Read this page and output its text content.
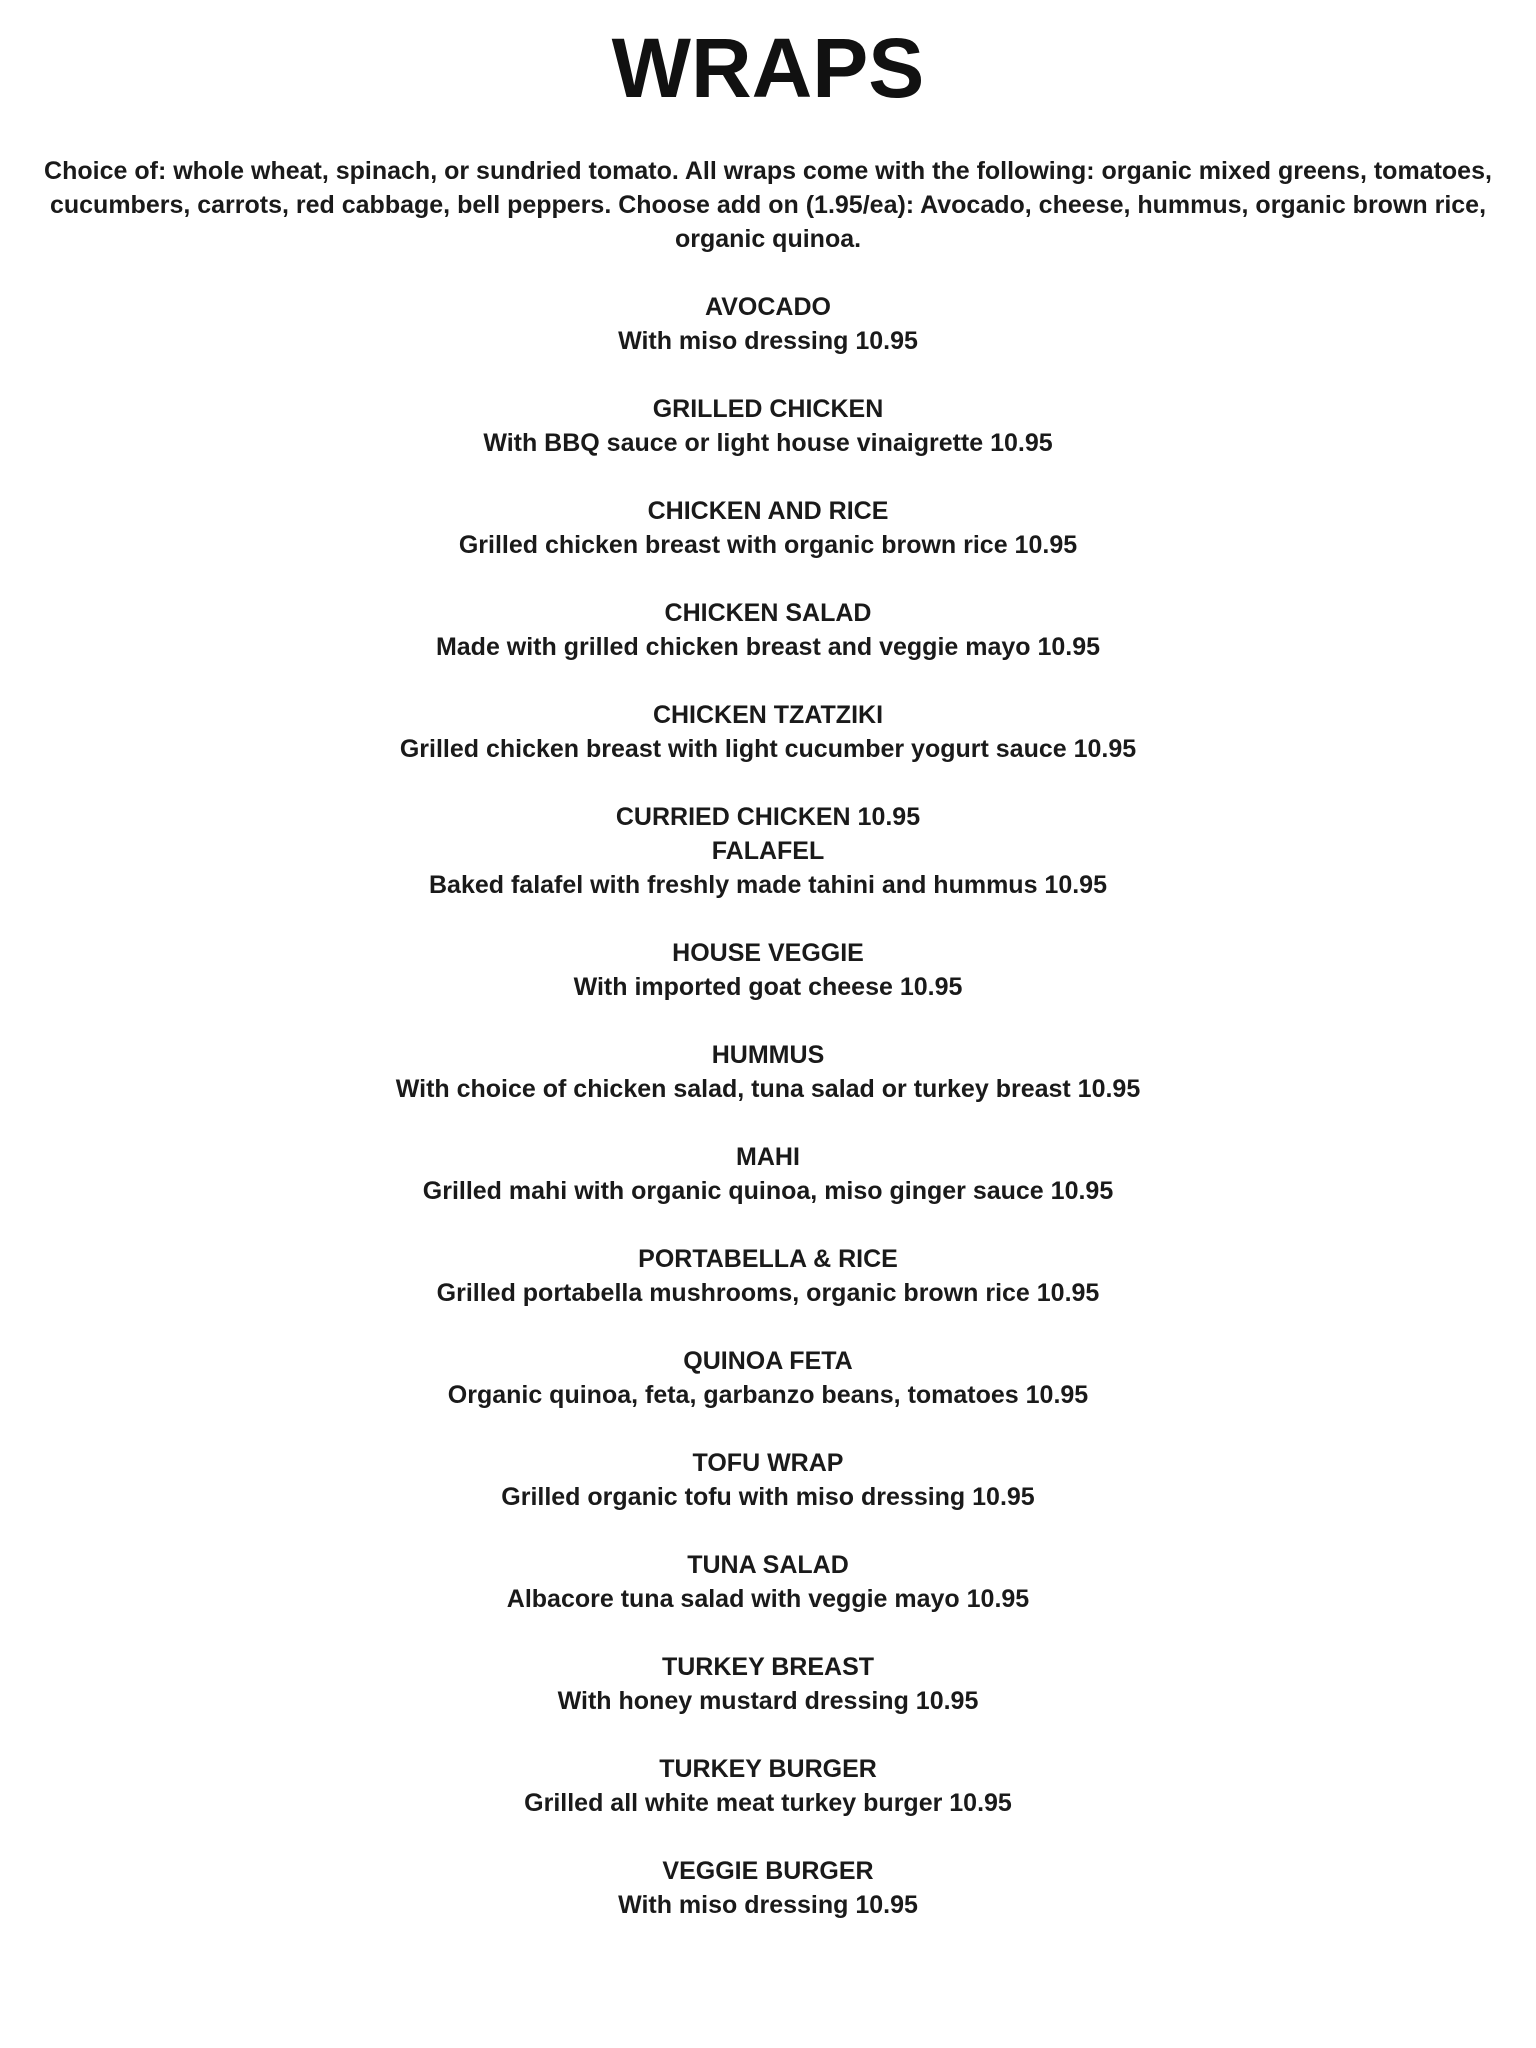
WRAPS

Choice of: whole wheat, spinach, or sundried tomato. All wraps come with the following: organic mixed greens, tomatoes, cucumbers, carrots, red cabbage, bell peppers. Choose add on (1.95/ea): Avocado, cheese, hummus, organic brown rice, organic quinoa.

AVOCADO
With miso dressing 10.95
GRILLED CHICKEN
With BBQ sauce or light house vinaigrette 10.95
CHICKEN AND RICE
Grilled chicken breast with organic brown rice 10.95
CHICKEN SALAD
Made with grilled chicken breast and veggie mayo 10.95
CHICKEN TZATZIKI
Grilled chicken breast with light cucumber yogurt sauce 10.95
CURRIED CHICKEN 10.95
FALAFEL
Baked falafel with freshly made tahini and hummus 10.95
HOUSE VEGGIE
With imported goat cheese 10.95
HUMMUS
With choice of chicken salad, tuna salad or turkey breast 10.95
MAHI
Grilled mahi with organic quinoa, miso ginger sauce 10.95
PORTABELLA & RICE
Grilled portabella mushrooms, organic brown rice 10.95
QUINOA FETA
Organic quinoa, feta, garbanzo beans, tomatoes 10.95
TOFU WRAP
Grilled organic tofu with miso dressing 10.95
TUNA SALAD
Albacore tuna salad with veggie mayo 10.95
TURKEY BREAST
With honey mustard dressing 10.95
TURKEY BURGER
Grilled all white meat turkey burger 10.95
VEGGIE BURGER
With miso dressing 10.95
